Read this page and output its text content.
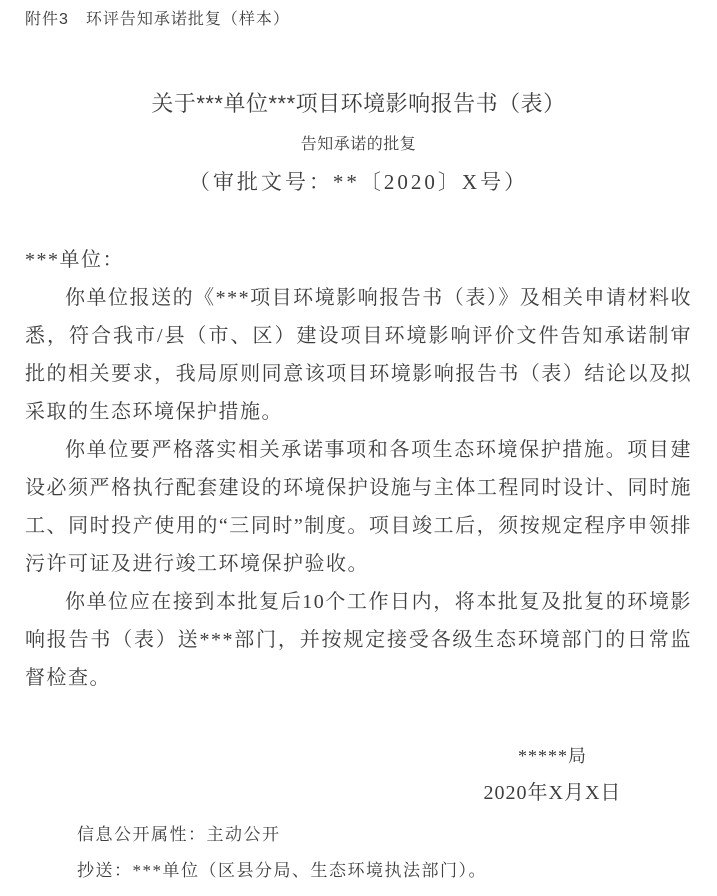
附件3　环评告知承诺批复（样本）
关于***单位***项目环境影响报告书（表）
告知承诺的批复
（审批文号：**〔2020〕X号）

***单位：

你单位报送的《***项目环境影响报告书（表）》及相关申请材料收悉，符合我市/县（市、区）建设项目环境影响评价文件告知承诺制审批的相关要求，我局原则同意该项目环境影响报告书（表）结论以及拟采取的生态环境保护措施。

你单位要严格落实相关承诺事项和各项生态环境保护措施。项目建设必须严格执行配套建设的环境保护设施与主体工程同时设计、同时施工、同时投产使用的“三同时”制度。项目竣工后，须按规定程序申领排污许可证及进行竣工环境保护验收。

你单位应在接到本批复后10个工作日内，将本批复及批复的环境影响报告书（表）送***部门，并按规定接受各级生态环境部门的日常监督检查。

*****局
2020年X月X日
信息公开属性：主动公开
抄送：***单位（区县分局、生态环境执法部门）。
